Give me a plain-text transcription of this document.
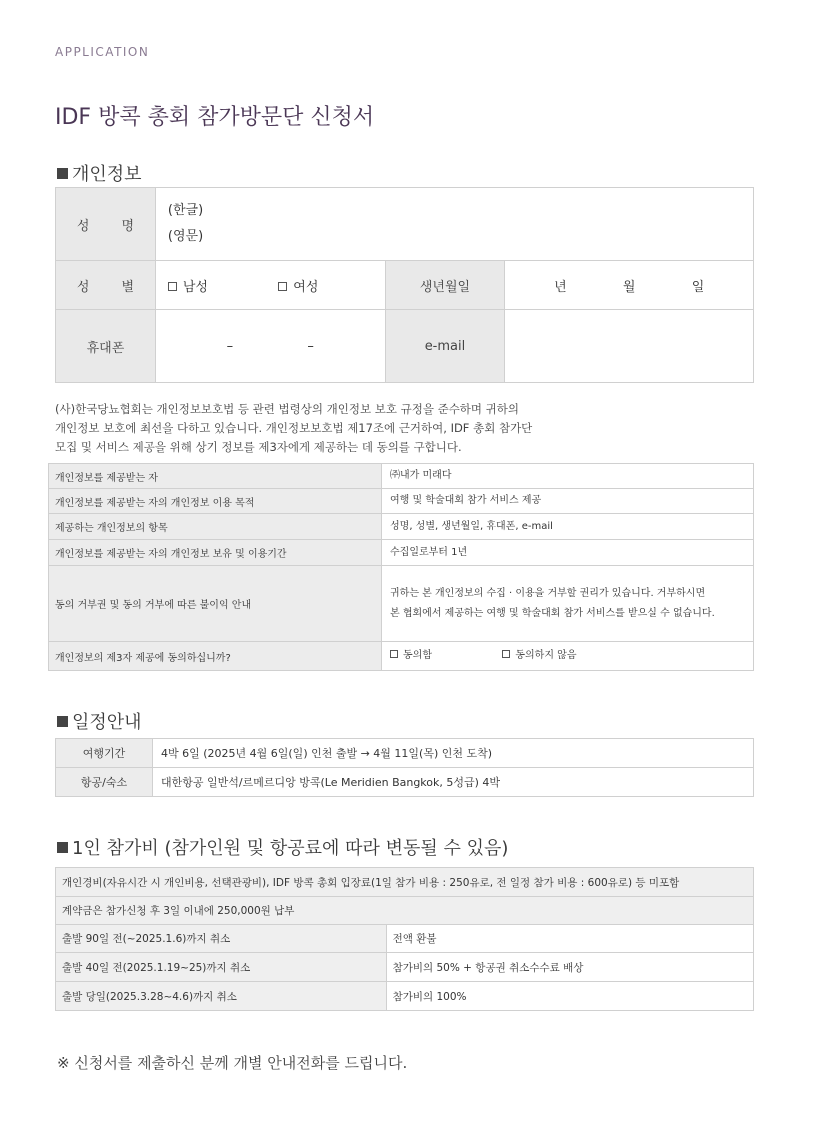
APPLICATION
IDF 방콕 총회 참가방문단 신청서
개인정보
성 명	(한글)
(영문)		

성 별	남성 여성	생년월일	년 월 일
휴대폰	– –	e-mail	
(사)한국당뇨협회는 개인정보보호법 등 관련 법령상의 개인정보 보호 규정을 준수하며 귀하의
개인정보 보호에 최선을 다하고 있습니다. 개인정보보호법 제17조에 근거하여, IDF 총회 참가단
모집 및 서비스 제공을 위해 상기 정보를 제3자에게 제공하는 데 동의를 구합니다.
개인정보를 제공받는 자	㈜내가 미래다
개인정보를 제공받는 자의 개인정보 이용 목적	여행 및 학술대회 참가 서비스 제공
제공하는 개인정보의 항목	성명, 성별, 생년월일, 휴대폰, e-mail
개인정보를 제공받는 자의 개인정보 보유 및 이용기간	수집일로부터 1년
동의 거부권 및 동의 거부에 따른 불이익 안내	귀하는 본 개인정보의 수집 · 이용을 거부할 권리가 있습니다. 거부하시면
본 협회에서 제공하는 여행 및 학술대회 참가 서비스를 받으실 수 없습니다.

개인정보의 제3자 제공에 동의하십니까?	동의함 동의하지 않음
일정안내
여행기간	4박 6일 (2025년 4월 6일(일) 인천 출발 → 4월 11일(목) 인천 도착)
항공/숙소	대한항공 일반석/르메르디앙 방콕(Le Meridien Bangkok, 5성급) 4박
1인 참가비 (참가인원 및 항공료에 따라 변동될 수 있음)
개인경비(자유시간 시 개인비용, 선택관광비), IDF 방콕 총회 입장료(1일 참가 비용 : 250유로, 전 일정 참가 비용 : 600유로) 등 미포함	
계약금은 참가신청 후 3일 이내에 250,000원 납부	
출발 90일 전(~2025.1.6)까지 취소	전액 환불
출발 40일 전(2025.1.19~25)까지 취소	참가비의 50% + 항공권 취소수수료 배상
출발 당일(2025.3.28~4.6)까지 취소	참가비의 100%
※ 신청서를 제출하신 분께 개별 안내전화를 드립니다.
